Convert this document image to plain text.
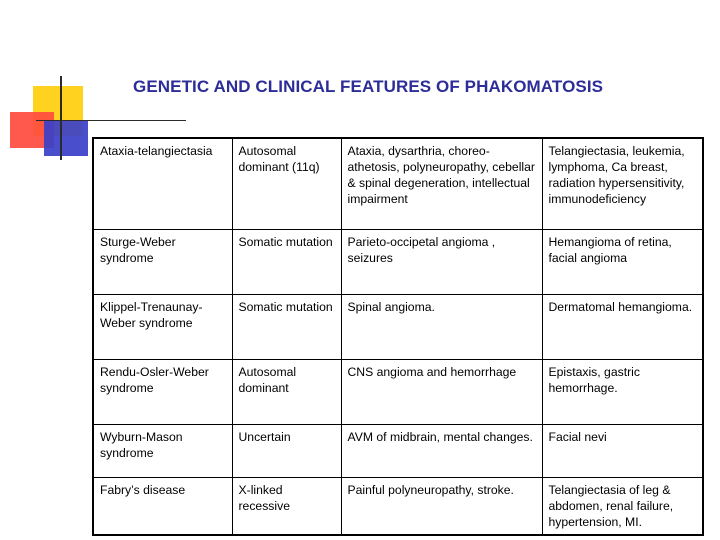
GENETIC AND CLINICAL FEATURES OF PHAKOMATOSIS
Ataxia-telangiectasia	Autosomal dominant (11q)	Ataxia, dysarthria, choreo-athetosis, polyneuropathy, cebellar & spinal degeneration, intellectual impairment	Telangiectasia, leukemia, lymphoma, Ca breast, radiation hypersensitivity, immunodeficiency
Sturge-Weber syndrome	Somatic mutation	Parieto-occipetal angioma , seizures	Hemangioma of retina, facial angioma
Klippel-Trenaunay-Weber syndrome	Somatic mutation	Spinal angioma.	Dermatomal hemangioma.
Rendu-Osler-Weber syndrome	Autosomal dominant	CNS angioma and hemorrhage	Epistaxis, gastric hemorrhage.
Wyburn-Mason syndrome	Uncertain	AVM of midbrain, mental changes.	Facial nevi
Fabry’s disease	X-linked recessive	Painful polyneuropathy, stroke.	Telangiectasia of leg & abdomen, renal failure, hypertension, MI.
